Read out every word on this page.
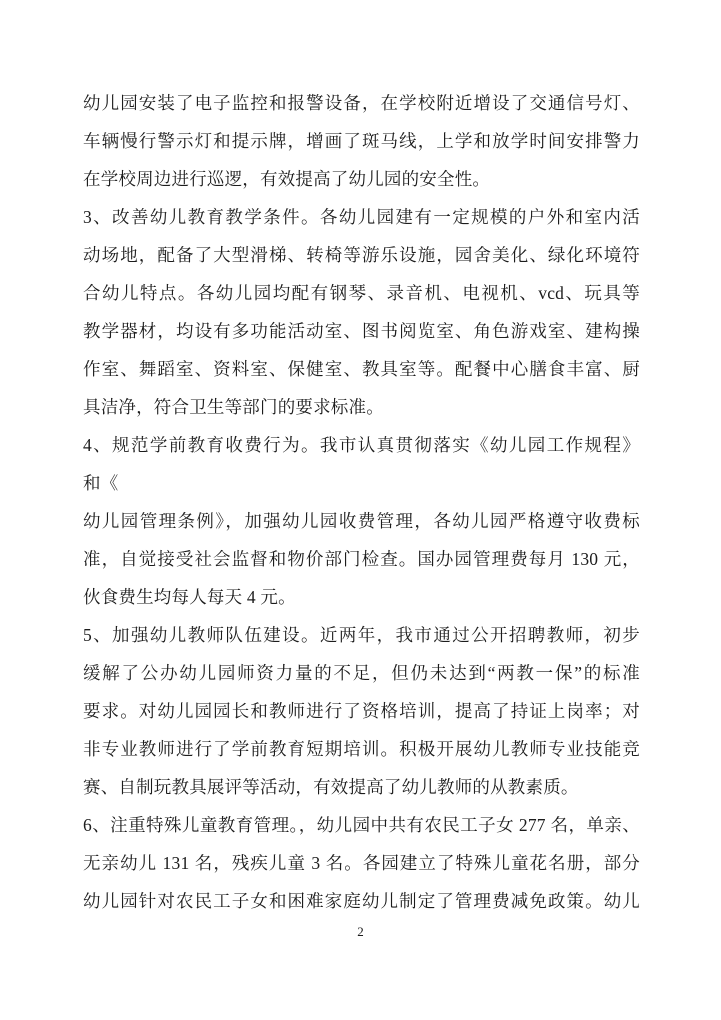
幼儿园安装了电子监控和报警设备，在学校附近增设了交通信号灯、

车辆慢行警示灯和提示牌，增画了斑马线，上学和放学时间安排警力

在学校周边进行巡逻，有效提高了幼儿园的安全性。

3、改善幼儿教育教学条件。各幼儿园建有一定规模的户外和室内活

动场地，配备了大型滑梯、转椅等游乐设施，园舍美化、绿化环境符

合幼儿特点。各幼儿园均配有钢琴、录音机、电视机、vcd、玩具等

教学器材，均设有多功能活动室、图书阅览室、角色游戏室、建构操

作室、舞蹈室、资料室、保健室、教具室等。配餐中心膳食丰富、厨

具洁净，符合卫生等部门的要求标准。

4、规范学前教育收费行为。我市认真贯彻落实《幼儿园工作规程》

和《

幼儿园管理条例》，加强幼儿园收费管理，各幼儿园严格遵守收费标

准，自觉接受社会监督和物价部门检查。国办园管理费每月 130 元，

伙食费生均每人每天 4 元。

5、加强幼儿教师队伍建设。近两年，我市通过公开招聘教师，初步

缓解了公办幼儿园师资力量的不足，但仍未达到“两教一保”的标准

要求。对幼儿园园长和教师进行了资格培训，提高了持证上岗率；对

非专业教师进行了学前教育短期培训。积极开展幼儿教师专业技能竞

赛、自制玩教具展评等活动，有效提高了幼儿教师的从教素质。

6、注重特殊儿童教育管理。，幼儿园中共有农民工子女 277 名，单亲、

无亲幼儿 131 名，残疾儿童 3 名。各园建立了特殊儿童花名册，部分

幼儿园针对农民工子女和困难家庭幼儿制定了管理费减免政策。幼儿

2
